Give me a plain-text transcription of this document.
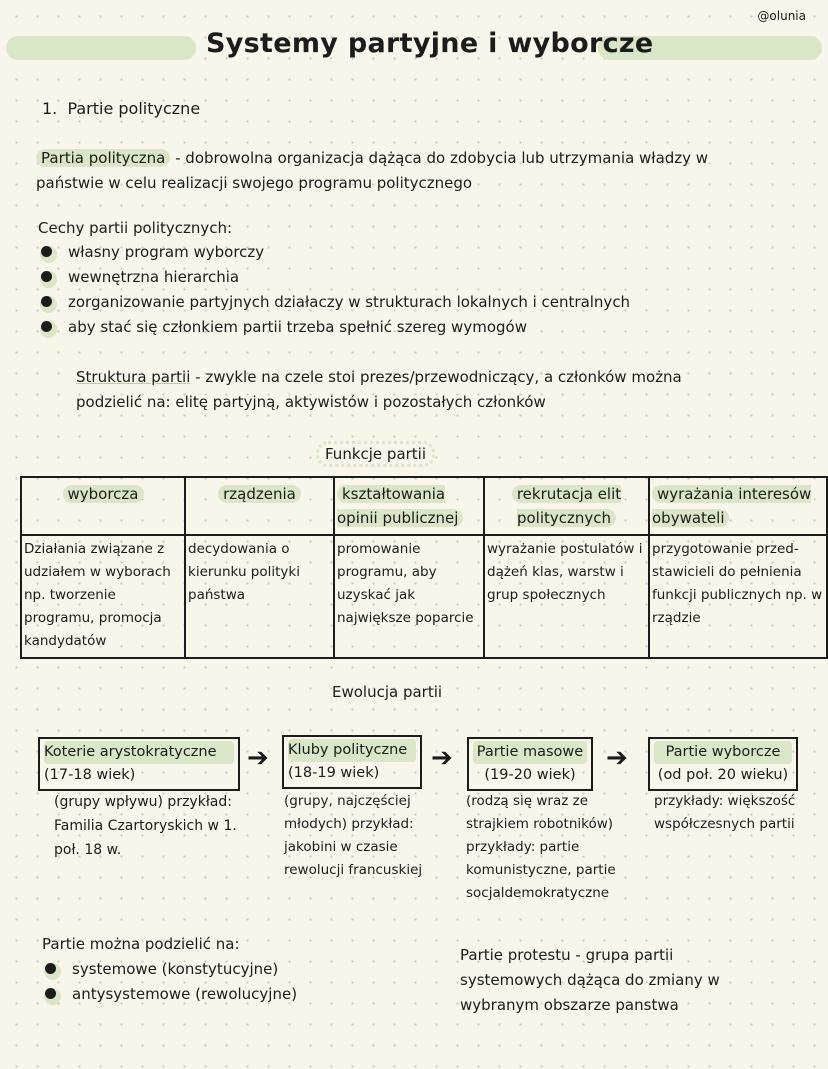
@olunia
Systemy partyjne i wyborcze
1. Partie polityczne
Partia polityczna - dobrowolna organizacja dążąca do zdobycia lub utrzymania władzy w państwie w celu realizacji swojego programu politycznego
Cechy partii politycznych:
własny program wyborczy
wewnętrzna hierarchia
zorganizowanie partyjnych działaczy w strukturach lokalnych i centralnych
aby stać się członkiem partii trzeba spełnić szereg wymogów
Struktura partii - zwykle na czele stoi prezes/przewodniczący, a członków można podzielić na: elitę partyjną, aktywistów i pozostałych członków
Funkcje partii
wyborcza	rządzenia	kształtowania opinii publicznej	rekrutacja elit politycznych	wyrażania interesów obywateli
Działania związane z udziałem w wyborach np. tworzenie programu, promocja kandydatów	decydowania o kierunku polityki państwa	promowanie programu, aby uzyskać jak największe poparcie	wyrażanie postulatów i dążeń klas, warstw i grup społecznych	przygotowanie przed-stawicieli do pełnienia funkcji publicznych np. w rządzie
Ewolucja partii
Koterie arystokratyczne
(17-18 wiek)
➔ Kluby polityczne
(18-19 wiek)	➔ Partie masowe
(19-20 wiek)
➔	Partie wyborcze
(od poł. 20 wieku)
(grupy wpływu) przykład: Familia Czartoryskich w 1. poł. 18 w.
(grupy, najczęściej młodych) przykład: jakobini w czasie rewolucji francuskiej
(rodzą się wraz ze strajkiem robotników) przykłady: partie komunistyczne, partie socjaldemokratyczne
przykłady: większość współczesnych partii
Partie można podzielić na:
systemowe (konstytucyjne)
antysystemowe (rewolucyjne)
Partie protestu - grupa partii systemowych dążąca do zmiany w wybranym obszarze panstwa
